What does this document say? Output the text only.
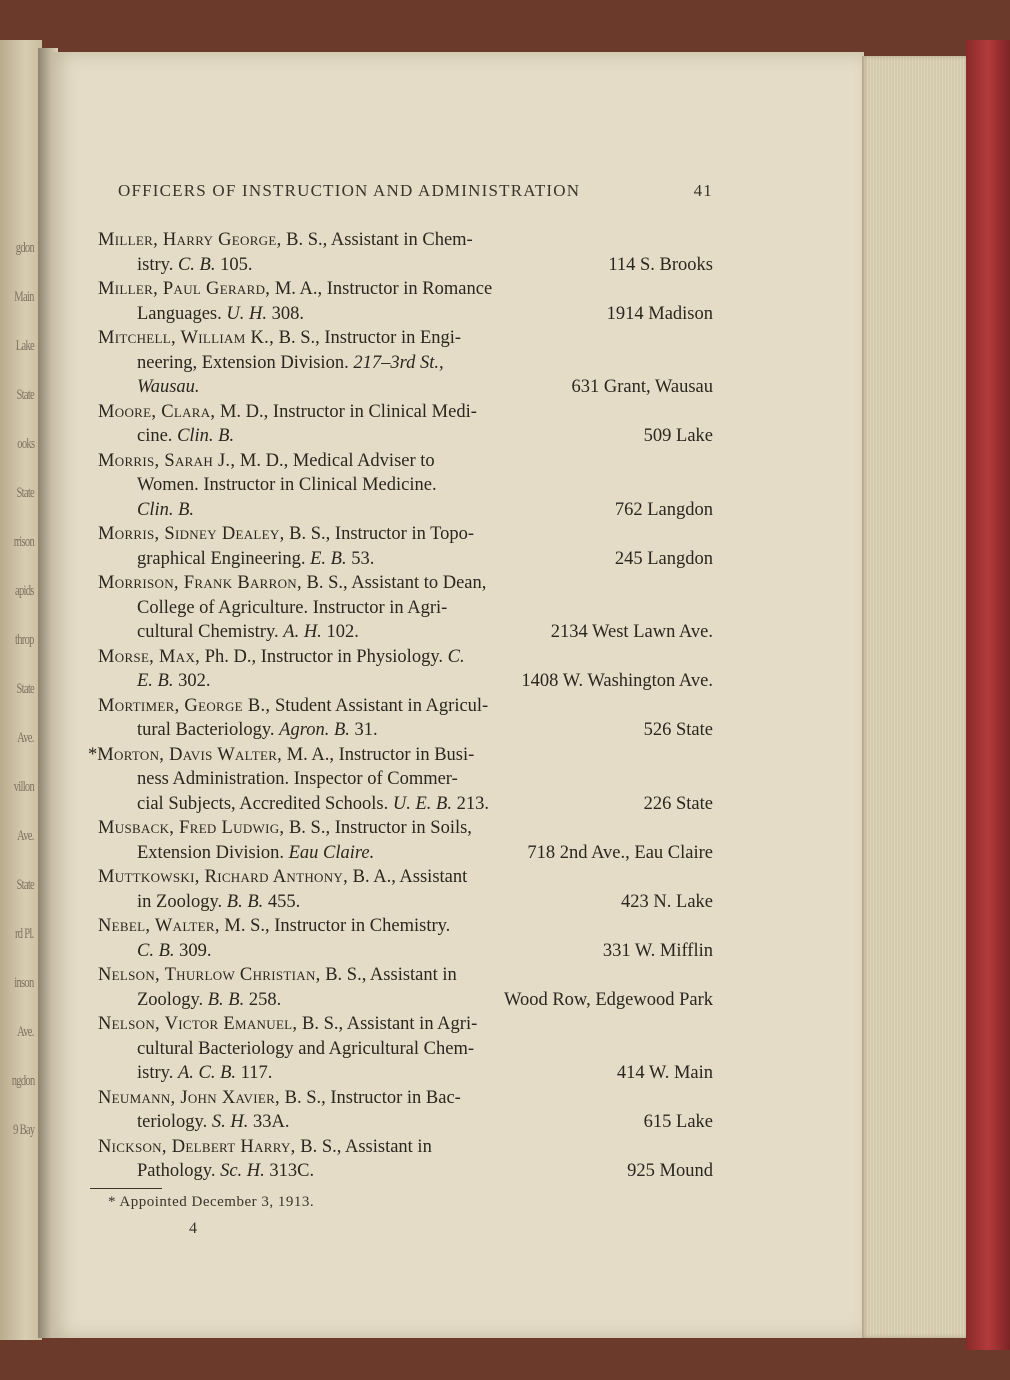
gdon
Main
Lake
State
ooks
State
rrison
apids
throp
State
Ave.
villon
Ave.
State
rd Pl.
inson
Ave.
ngdon
9 Bay
OFFICERS OF INSTRUCTION AND ADMINISTRATION	41
Miller, Harry George, B. S., Assistant in Chem-
istry. C. B. 105.	114 S. Brooks
Miller, Paul Gerard, M. A., Instructor in Romance
Languages. U. H. 308.	1914 Madison
Mitchell, William K., B. S., Instructor in Engi-
neering, Extension Division. 217–3rd St.,
Wausau.	631 Grant, Wausau
Moore, Clara, M. D., Instructor in Clinical Medi-
cine. Clin. B.	509 Lake
Morris, Sarah J., M. D., Medical Adviser to
Women. Instructor in Clinical Medicine.
Clin. B.	762 Langdon
Morris, Sidney Dealey, B. S., Instructor in Topo-
graphical Engineering. E. B. 53.	245 Langdon
Morrison, Frank Barron, B. S., Assistant to Dean,
College of Agriculture. Instructor in Agri-
cultural Chemistry. A. H. 102.	2134 West Lawn Ave.
Morse, Max, Ph. D., Instructor in Physiology. C.
E. B. 302.	1408 W. Washington Ave.
Mortimer, George B., Student Assistant in Agricul-
tural Bacteriology. Agron. B. 31.	526 State
*Morton, Davis Walter, M. A., Instructor in Busi-
ness Administration. Inspector of Commer-
cial Subjects, Accredited Schools. U. E. B. 213.	226 State
Musback, Fred Ludwig, B. S., Instructor in Soils,
Extension Division. Eau Claire.	718 2nd Ave., Eau Claire
Muttkowski, Richard Anthony, B. A., Assistant
in Zoology. B. B. 455.	423 N. Lake
Nebel, Walter, M. S., Instructor in Chemistry.
C. B. 309.	331 W. Mifflin
Nelson, Thurlow Christian, B. S., Assistant in
Zoology. B. B. 258.	Wood Row, Edgewood Park
Nelson, Victor Emanuel, B. S., Assistant in Agri-
cultural Bacteriology and Agricultural Chem-
istry. A. C. B. 117.	414 W. Main
Neumann, John Xavier, B. S., Instructor in Bac-
teriology. S. H. 33A.	615 Lake
Nickson, Delbert Harry, B. S., Assistant in
Pathology. Sc. H. 313C.	925 Mound
* Appointed December 3, 1913.
4
